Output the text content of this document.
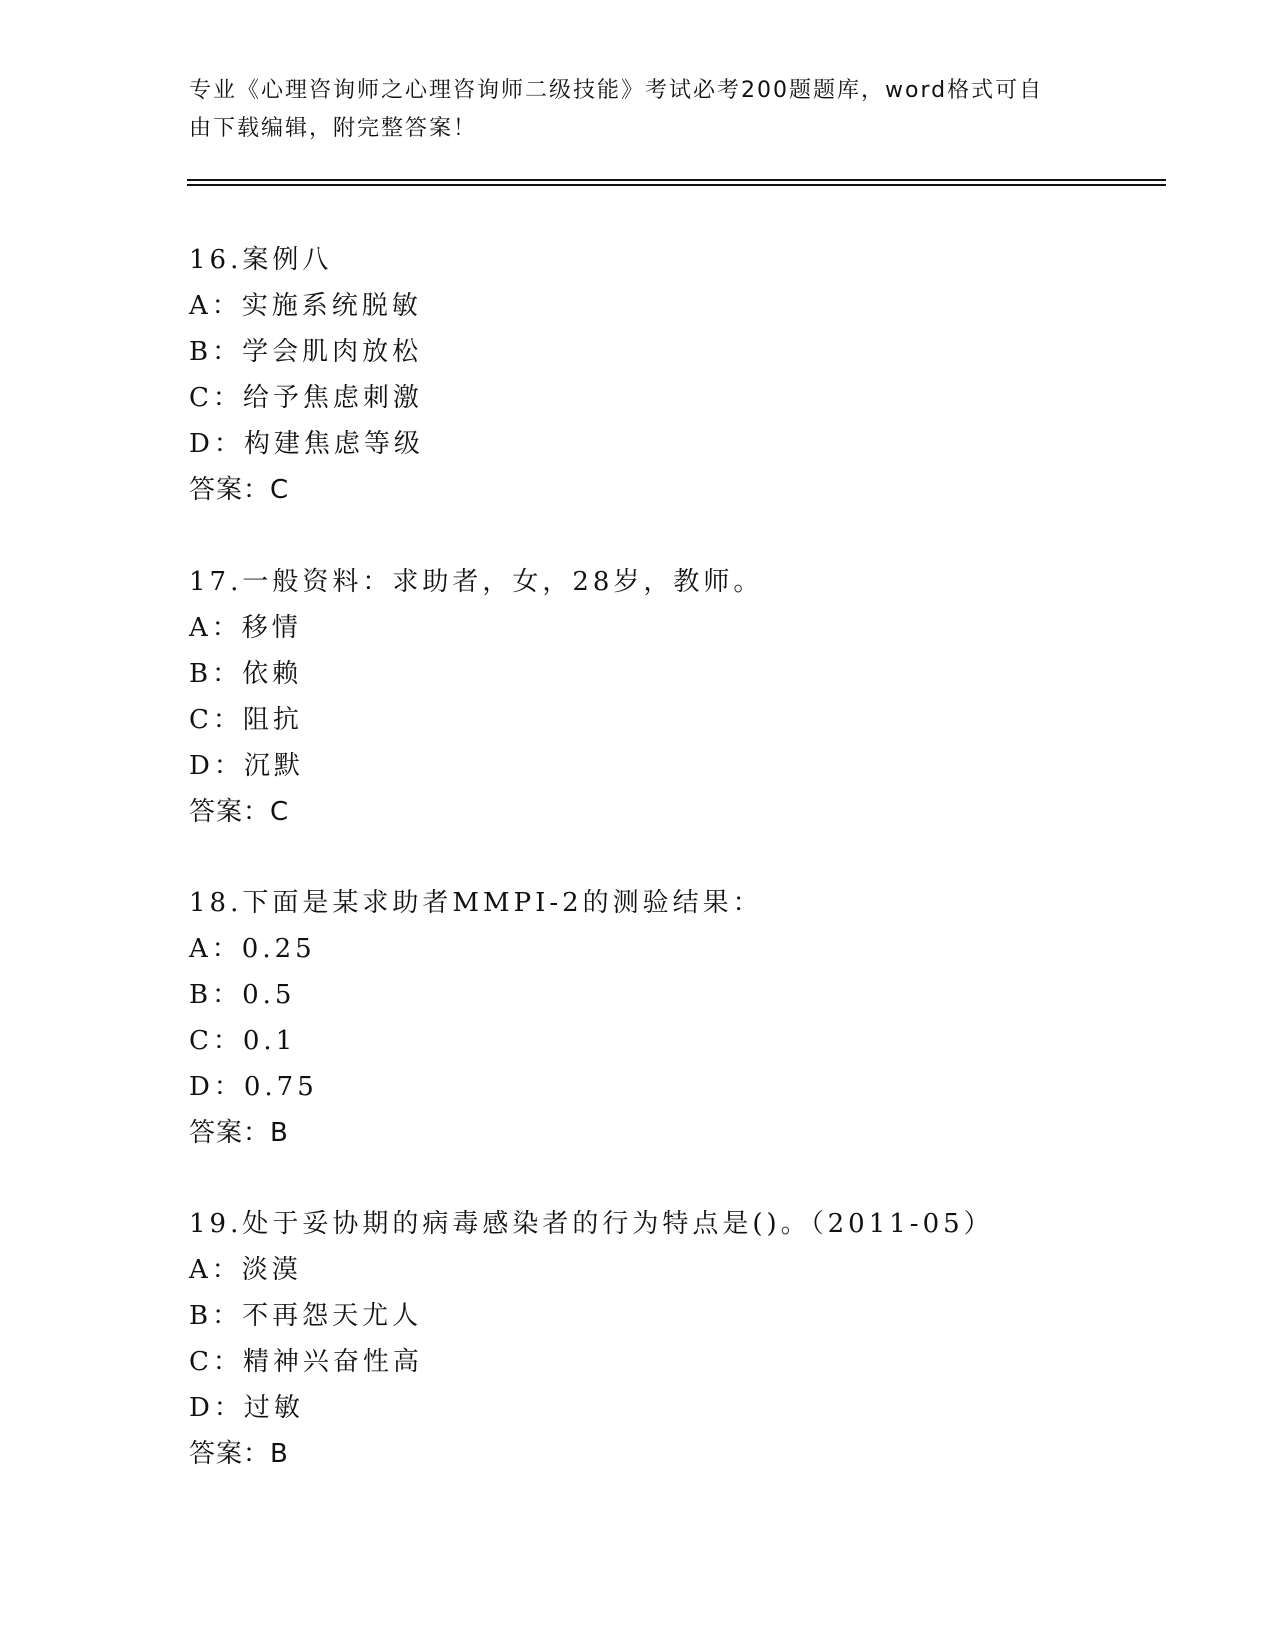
专业《心理咨询师之心理咨询师二级技能》考试必考200题题库，word格式可自
由下载编辑，附完整答案！
16.案例八
A：实施系统脱敏
B：学会肌肉放松
C：给予焦虑刺激
D：构建焦虑等级
答案：C
17.一般资料：求助者，女，28岁，教师。
A：移情
B：依赖
C：阻抗
D：沉默
答案：C
18.下面是某求助者MMPI-2的测验结果：
A：0.25
B：0.5
C：0.1
D：0.75
答案：B
19.处于妥协期的病毒感染者的行为特点是()。（2011-05）
A：淡漠
B：不再怨天尤人
C：精神兴奋性高
D：过敏
答案：B
